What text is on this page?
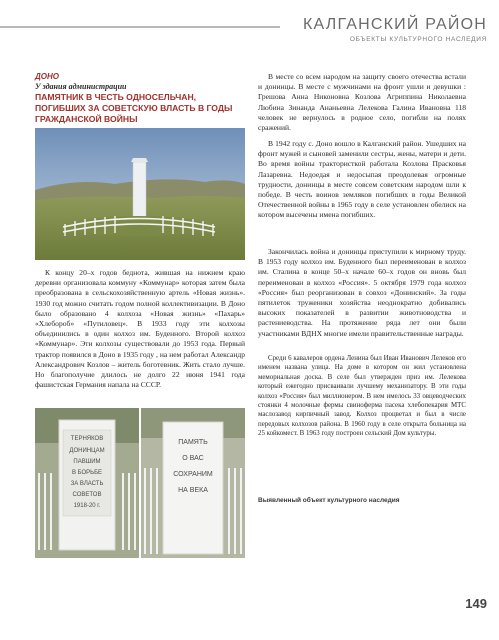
КАЛГАНСКИЙ РАЙОН
ОБЪЕКТЫ КУЛЬТУРНОГО НАСЛЕДИЯ
ДОНО
У здания администрации
ПАМЯТНИК В ЧЕСТЬ ОДНОСЕЛЬЧАН, ПОГИБШИХ ЗА СОВЕТСКУЮ ВЛАСТЬ В ГОДЫ ГРАЖДАНСКОЙ ВОЙНЫ

К концу 20–х годов беднота, жившая на нижнем краю деревни организовала коммуну «Коммунар» которая затем была преобразована в сельскохозяйственную артель «Новая жизнь». 1930 год можно считать годом полной коллективизации. В Доно было образовано 4 колхоза «Новая жизнь» «Пахарь» «Хлебороб» «Путиловец». В 1933 году эти колхозы объединились в один колхоз им. Буденного. Второй колхоз «Коммунар». Эти колхозы существовали до 1953 года. Первый трактор появился в Доно в 1935 году , на нем работал Александр Александрович Козлов – житель боготевник. Жить стало лучше. Но благополучие длилось не долго 22 июня 1941 года фашистская Германия напала на СССР.

ТЕРНЯКОВ
ДОНИНЦАМ
ПАВШИМ
В БОРЬБЕ
ЗА ВЛАСТЬ
СОВЕТОВ
1918-20 г.
ПАМЯТЬ
О ВАС
СОХРАНИМ
НА ВЕКА

В месте со всем народом на защиту своего отечества встали и донинцы. В месте с мужчинами на фронт ушли и девушки : Грешова Анна Никоновна Козлова Агриппина Николаевна Любина Зинанда Ананьевна Лелекова Галина Ивановна 118 человек не вернулось в родное село, погибли на полях сражений.

В 1942 году с. Доно вошло в Калганский район. Ушедших на фронт мужей и сыновей заменили сестры, жены, матери и дети. Во время войны трактористкой работала Козлова Прасковья Лазаревна. Недоедая и недосыпая преодолевая огромные трудности, донинцы в месте совсем советским народом шли к победе. В честь воинов земляков погибших в годы Великой Отечественной войны в 1965 году в селе установлен обелиск на котором высечены имена погибших.

Закончилась война и донинцы приступили к мирному труду. В 1953 году колхоз им. Буденного был переименован в колхоз им. Сталина в конце 50–х начале 60–х годов он вновь был переименован в колхоз «Россия». 5 октября 1979 года колхоз «Россия» был реорганизован в совхоз «Донинский». За годы пятилеток труженики хозяйства неоднократно добивались высоких показателей в развитии животноводства и растениеводства. На протяжение ряда лет они были участниками ВДНХ многие имели правительственные награды.

Среди 6 кавалеров ордена Ленина был Иван Иванович Лелеков его именем названа улица. На доме в котором он жил установлена мемориальная доска. В селе был утвержден приз им. Лелекова который ежегодно присваивали лучшему механизатору. В эти годы колхоз «Россия» был миллионером. В нем имелось 33 овцеводческих стоянки 4 молочные фермы свиноферма пасека хлебопекария МТС маслозавод кирпичный завод. Колхоз процветал и был в числе передовых колхозов района. В 1960 году в селе открыта больница на 25 койкомест. В 1963 году построен сельский Дом культуры.

Выявленный объект культурного наследия
149
